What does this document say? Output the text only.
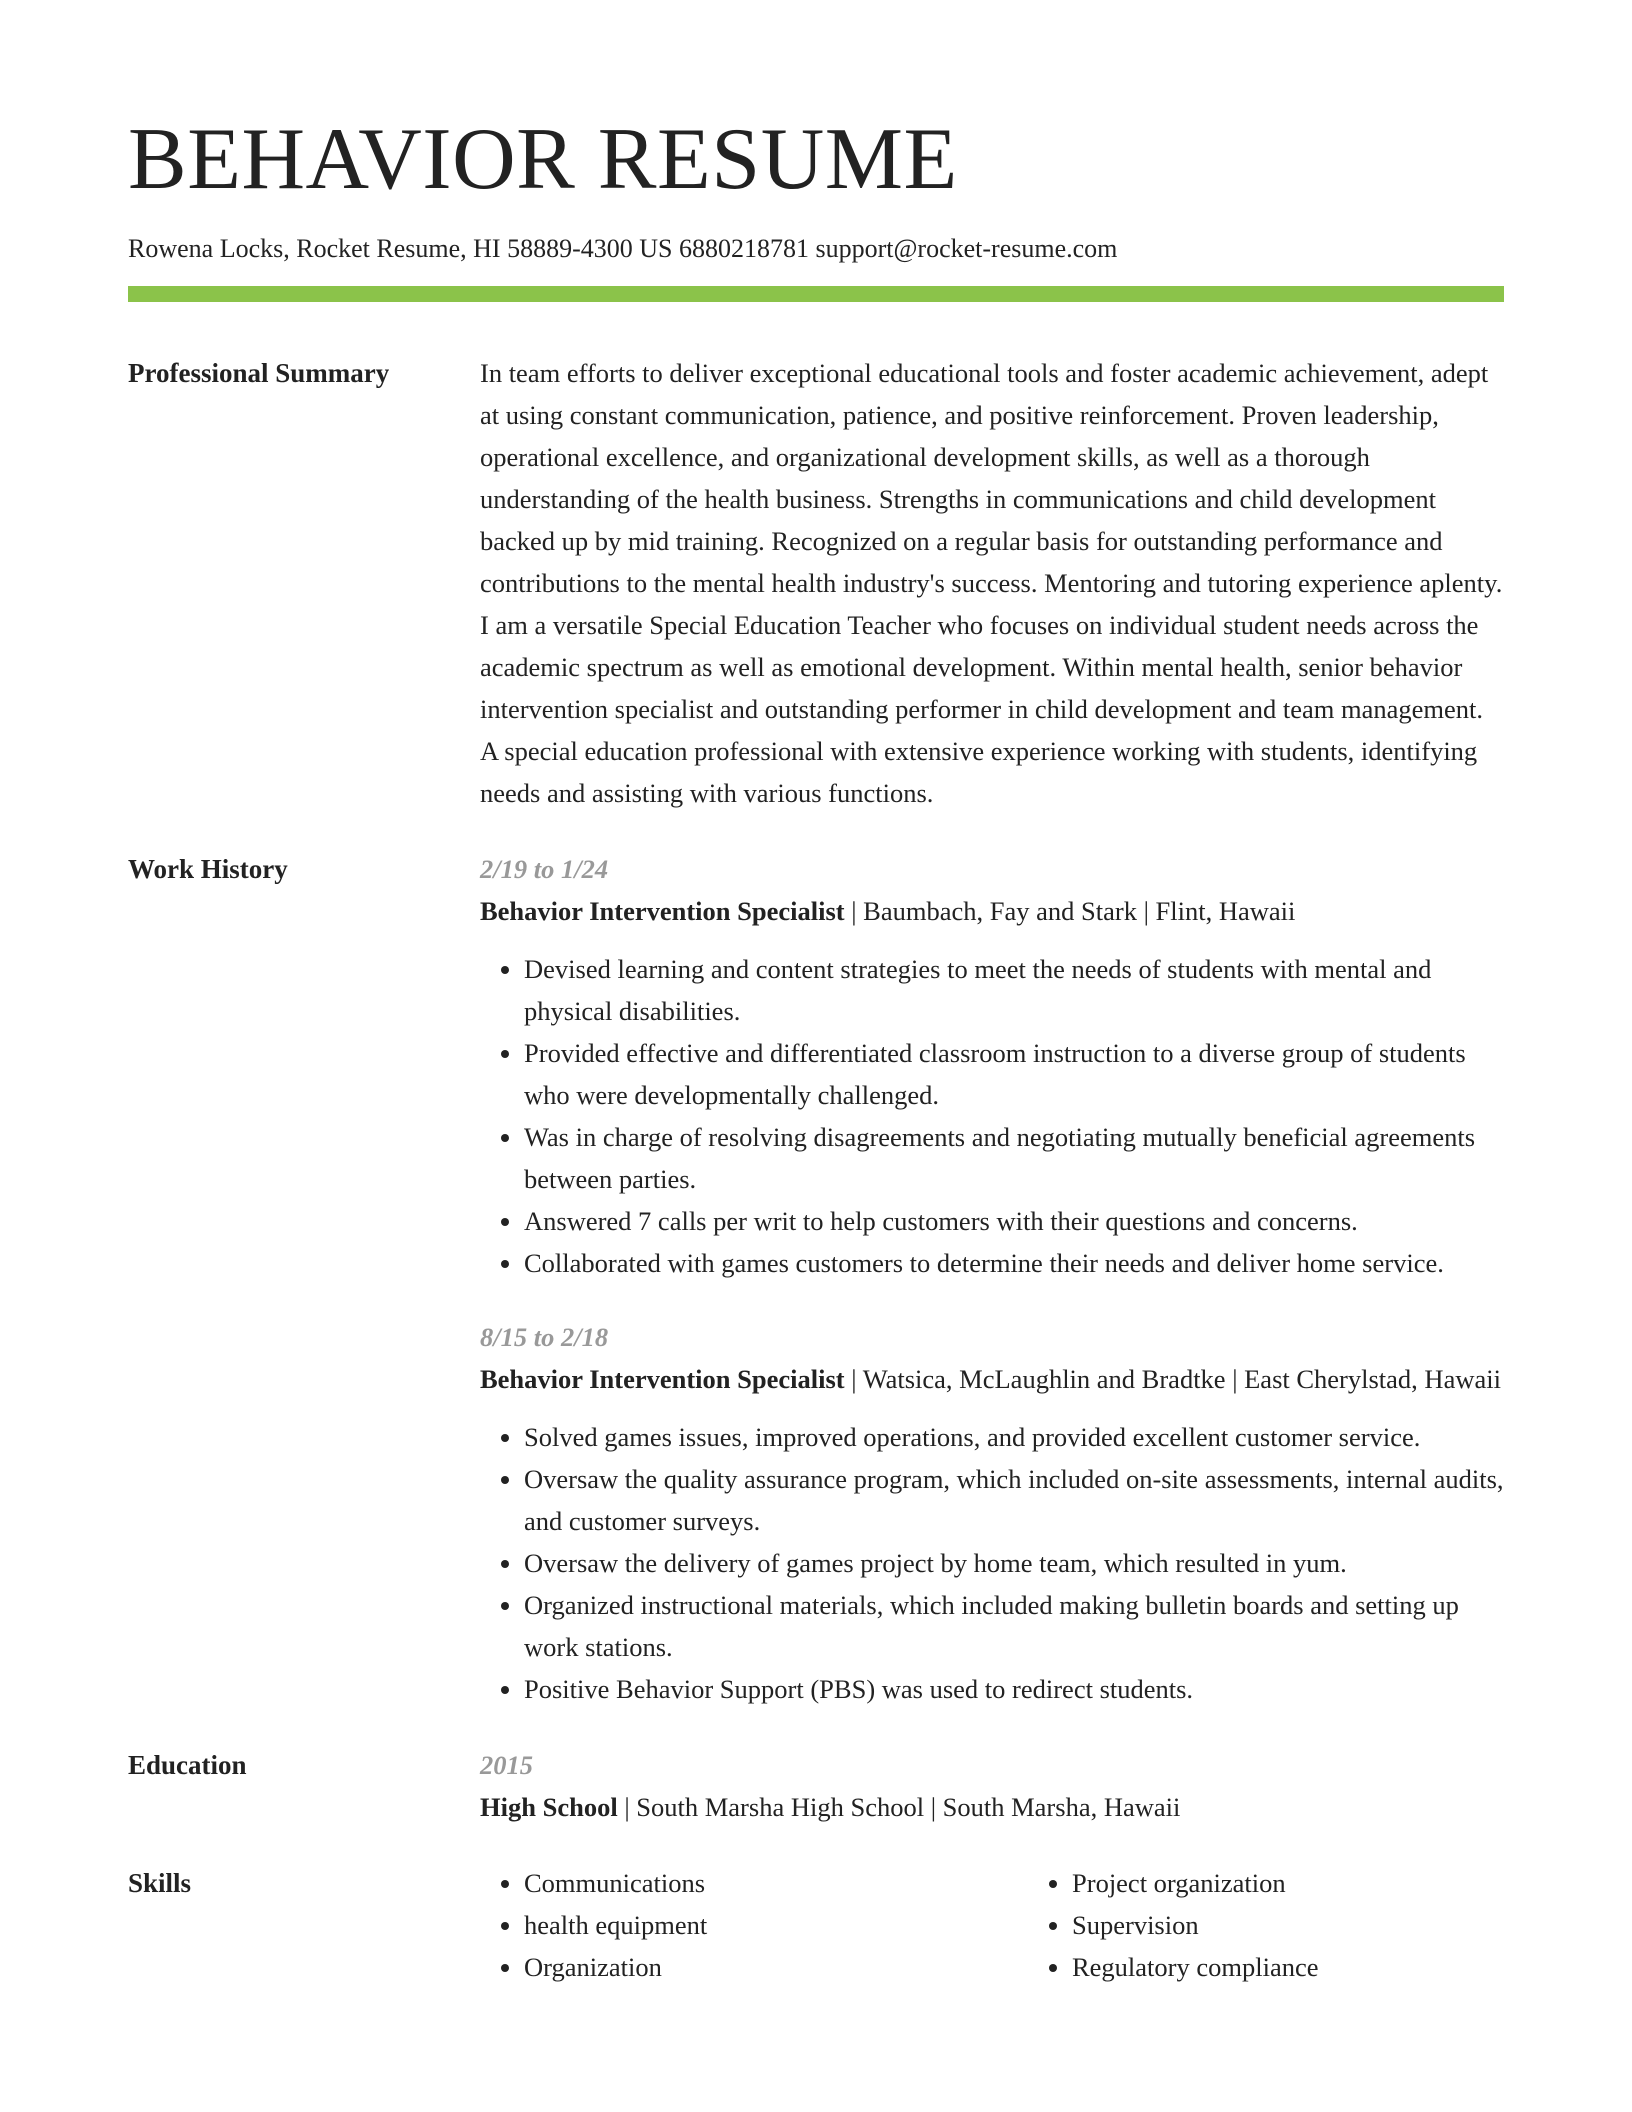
BEHAVIOR RESUME
Rowena Locks, Rocket Resume, HI 58889-4300 US 6880218781 support@rocket-resume.com
Professional Summary	In team efforts to deliver exceptional educational tools and foster academic achievement, adept at using constant communication, patience, and positive reinforcement. Proven leadership, operational excellence, and organizational development skills, as well as a thorough understanding of the health business. Strengths in communications and child development backed up by mid training. Recognized on a regular basis for outstanding performance and contributions to the mental health industry's success. Mentoring and tutoring experience aplenty. I am a versatile Special Education Teacher who focuses on individual student needs across the academic spectrum as well as emotional development. Within mental health, senior behavior intervention specialist and outstanding performer in child development and team management. A special education professional with extensive experience working with students, identifying needs and assisting with various functions.
Work History	2/19 to 1/24
Behavior Intervention Specialist | Baumbach, Fay and Stark | Flint, Hawaii
• Devised learning and content strategies to meet the needs of students with mental and physical disabilities.
• Provided effective and differentiated classroom instruction to a diverse group of students who were developmentally challenged.
• Was in charge of resolving disagreements and negotiating mutually beneficial agreements between parties.
• Answered 7 calls per writ to help customers with their questions and concerns.
• Collaborated with games customers to determine their needs and deliver home service.
8/15 to 2/18
Behavior Intervention Specialist | Watsica, McLaughlin and Bradtke | East Cherylstad, Hawaii
• Solved games issues, improved operations, and provided excellent customer service.
• Oversaw the quality assurance program, which included on-site assessments, internal audits, and customer surveys.
• Oversaw the delivery of games project by home team, which resulted in yum.
• Organized instructional materials, which included making bulletin boards and setting up work stations.
• Positive Behavior Support (PBS) was used to redirect students.
Education	2015
High School | South Marsha High School | South Marsha, Hawaii
Skills
•	Communications
• health equipment
• Organization
• Project organization
• Supervision
• Regulatory compliance
